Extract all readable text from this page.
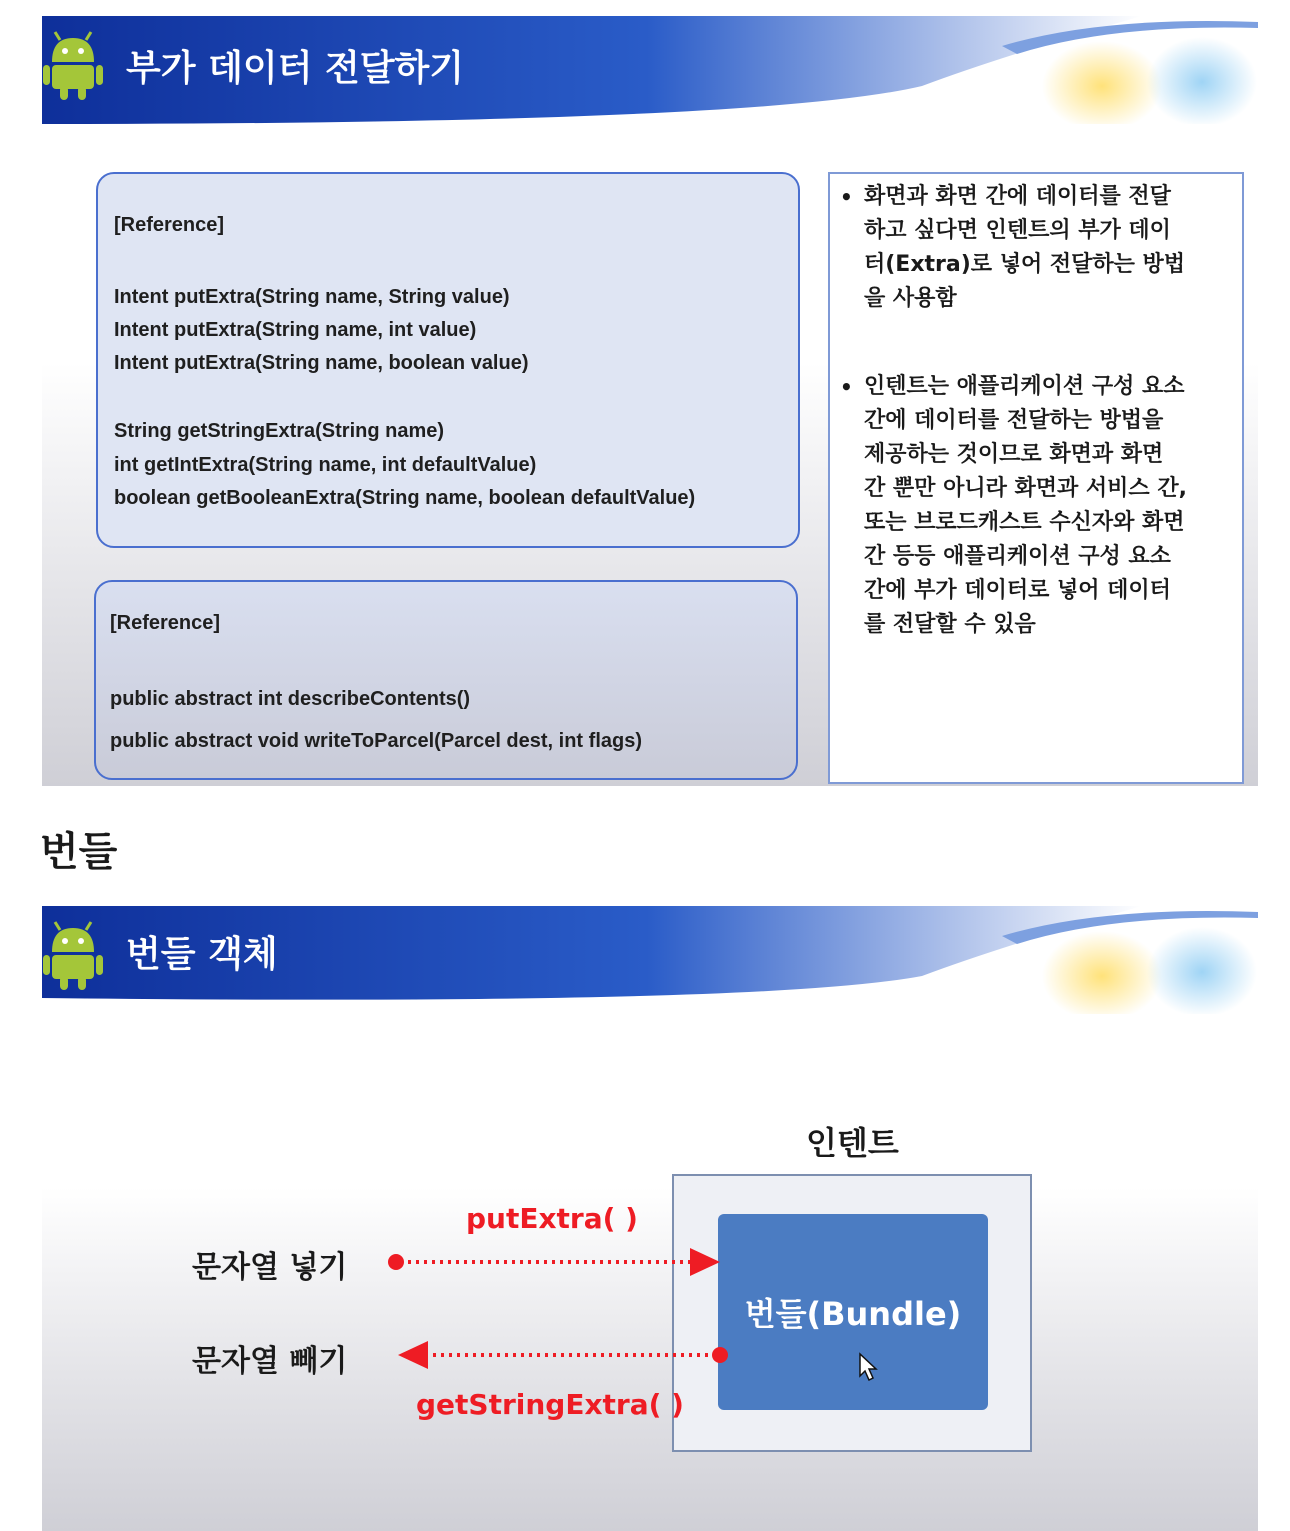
부가 데이터 전달하기
[Reference]
Intent putExtra(String name, String value)
Intent putExtra(String name, int value)
Intent putExtra(String name, boolean value)
String getStringExtra(String name)
int getIntExtra(String name, int defaultValue)
boolean getBooleanExtra(String name, boolean defaultValue)
[Reference]
public abstract int describeContents()
public abstract void writeToParcel(Parcel dest, int flags)
• 화면과 화면 간에 데이터를 전달
하고 싶다면 인텐트의 부가 데이
터(Extra)로 넣어 전달하는 방법
을 사용함
• 인텐트는 애플리케이션 구성 요소
간에 데이터를 전달하는 방법을
제공하는 것이므로 화면과 화면
간 뿐만 아니라 화면과 서비스 간,
또는 브로드캐스트 수신자와 화면
간 등등 애플리케이션 구성 요소
간에 부가 데이터로 넣어 데이터
를 전달할 수 있음
번들
번들 객체
인텐트
번들(Bundle)
putExtra( )
문자열 넣기
문자열 빼기
getStringExtra( )
